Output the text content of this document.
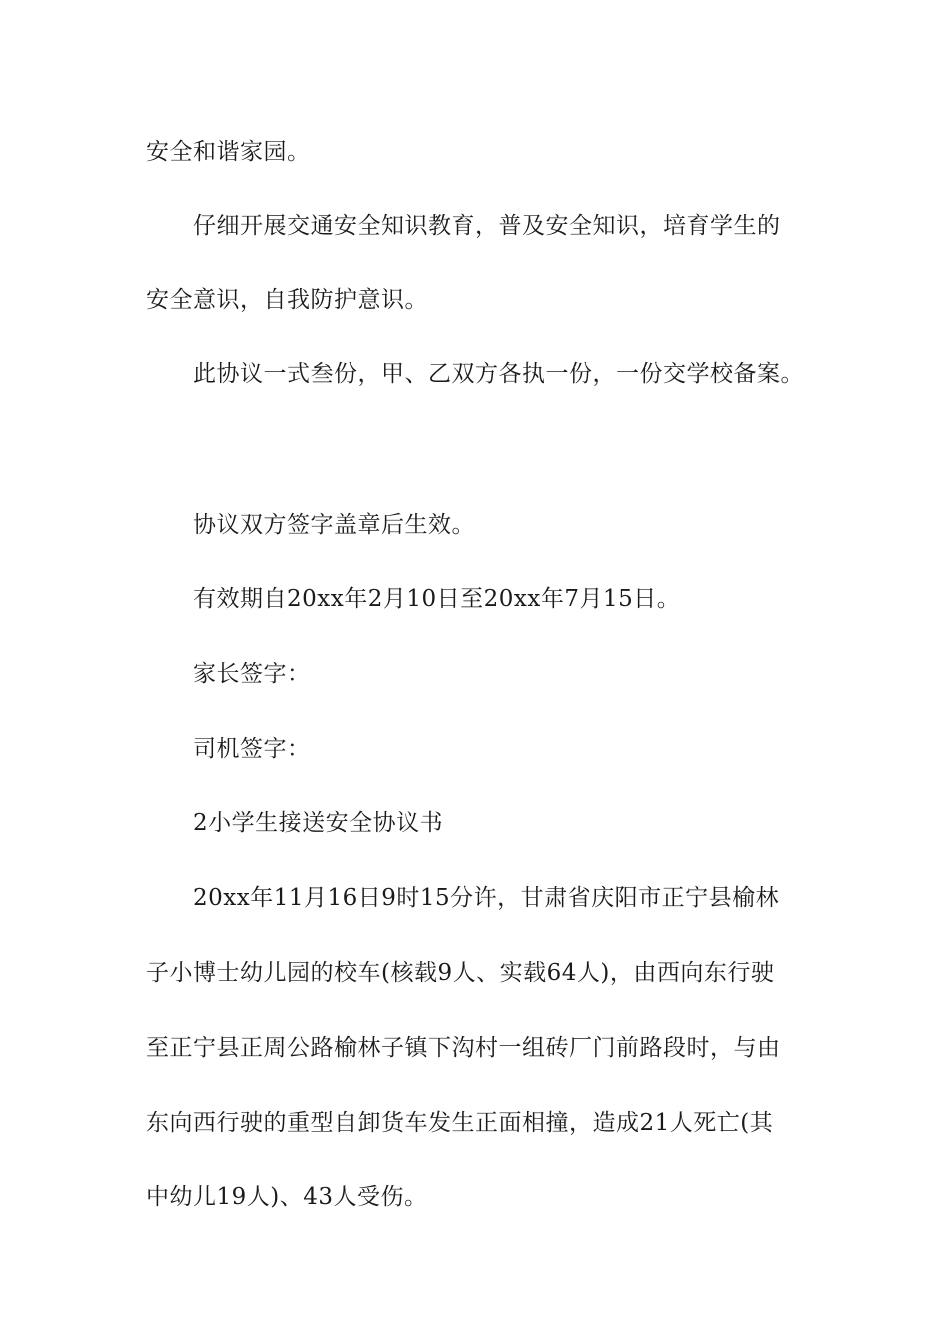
安全和谐家园。
仔细开展交通安全知识教育，普及安全知识，培育学生的
安全意识，自我防护意识。
此协议一式叁份，甲、乙双方各执一份，一份交学校备案。
协议双方签字盖章后生效。
有效期自20xx年2月10日至20xx年7月15日。
家长签字：
司机签字：
2小学生接送安全协议书
20xx年11月16日9时15分许，甘肃省庆阳市正宁县榆林
子小博士幼儿园的校车(核载9人、实载64人)，由西向东行驶
至正宁县正周公路榆林子镇下沟村一组砖厂门前路段时，与由
东向西行驶的重型自卸货车发生正面相撞，造成21人死亡(其
中幼儿19人)、43人受伤。
